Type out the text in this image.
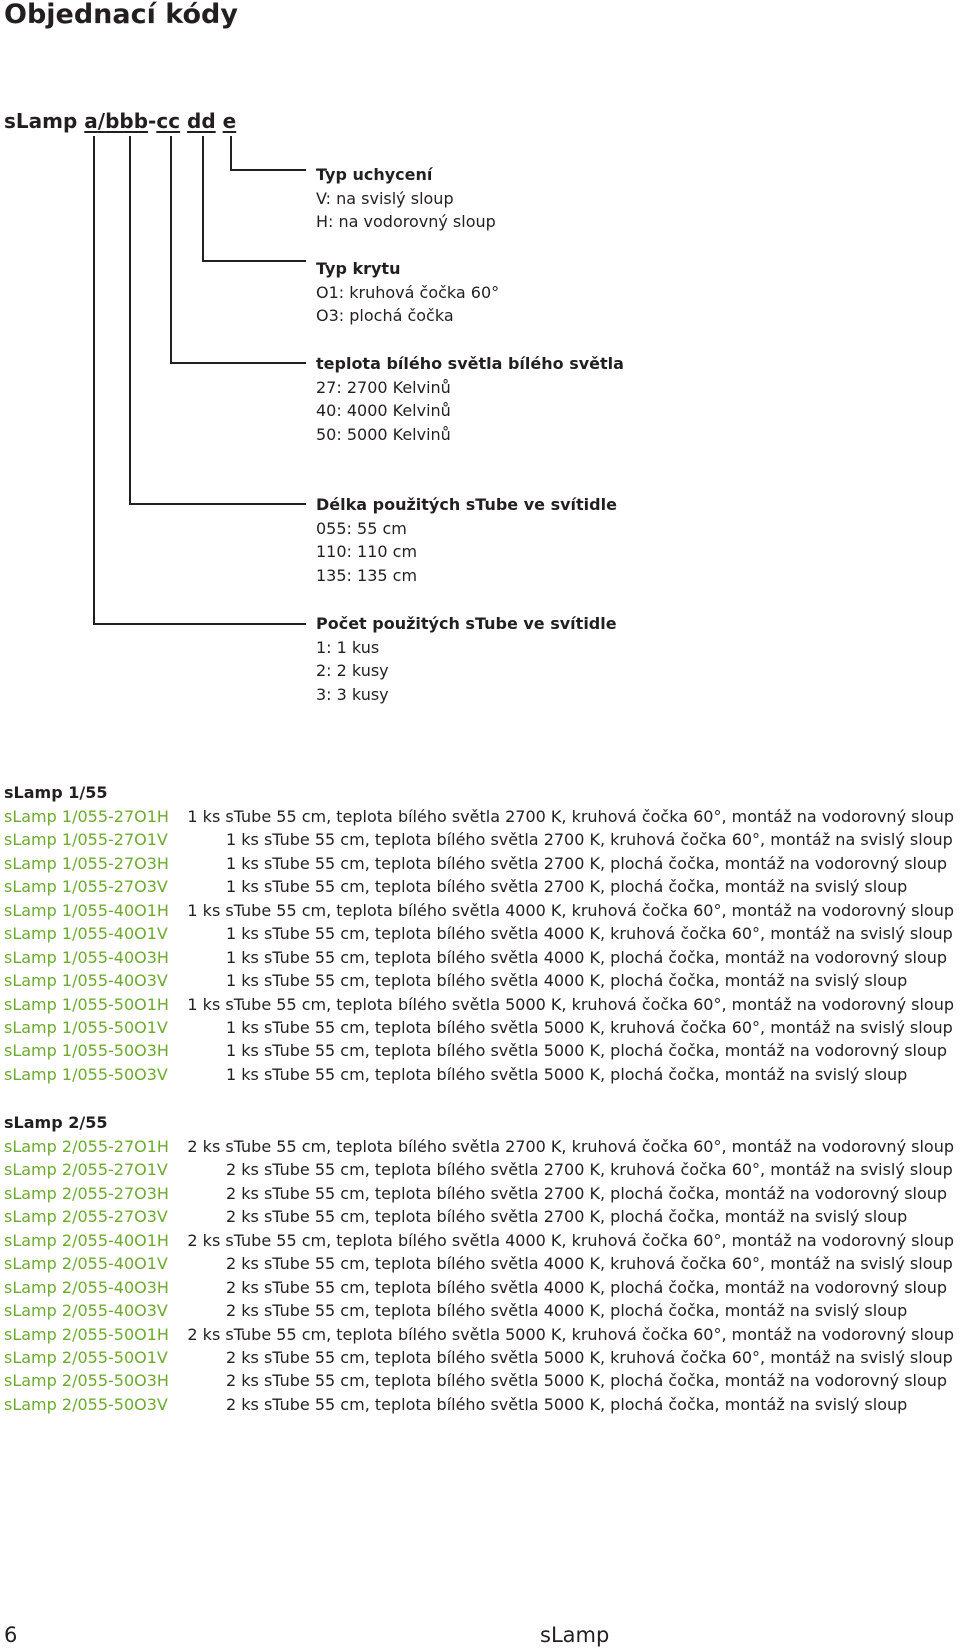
Objednací kódy
sLamp a/bbb-cc dd e
Typ uchycení
V: na svislý sloup
H: na vodorovný sloup
Typ krytu
O1: kruhová čočka 60°
O3: plochá čočka
teplota bílého světla bílého světla
27: 2700 Kelvinů
40: 4000 Kelvinů
50: 5000 Kelvinů
Délka použitých sTube ve svítidle
055: 55 cm
110: 110 cm
135: 135 cm
Počet použitých sTube ve svítidle
1: 1 kus
2: 2 kusy
3: 3 kusy
sLamp 1/55
sLamp 1/055-27O1H	1 ks sTube 55 cm, teplota bílého světla 2700 K, kruhová čočka 60°, montáž na vodorovný sloup
sLamp 1/055-27O1V	1 ks sTube 55 cm, teplota bílého světla 2700 K, kruhová čočka 60°, montáž na svislý sloup
sLamp 1/055-27O3H	1 ks sTube 55 cm, teplota bílého světla 2700 K, plochá čočka, montáž na vodorovný sloup
sLamp 1/055-27O3V	1 ks sTube 55 cm, teplota bílého světla 2700 K, plochá čočka, montáž na svislý sloup
sLamp 1/055-40O1H	1 ks sTube 55 cm, teplota bílého světla 4000 K, kruhová čočka 60°, montáž na vodorovný sloup
sLamp 1/055-40O1V	1 ks sTube 55 cm, teplota bílého světla 4000 K, kruhová čočka 60°, montáž na svislý sloup
sLamp 1/055-40O3H	1 ks sTube 55 cm, teplota bílého světla 4000 K, plochá čočka, montáž na vodorovný sloup
sLamp 1/055-40O3V	1 ks sTube 55 cm, teplota bílého světla 4000 K, plochá čočka, montáž na svislý sloup
sLamp 1/055-50O1H	1 ks sTube 55 cm, teplota bílého světla 5000 K, kruhová čočka 60°, montáž na vodorovný sloup
sLamp 1/055-50O1V	1 ks sTube 55 cm, teplota bílého světla 5000 K, kruhová čočka 60°, montáž na svislý sloup
sLamp 1/055-50O3H	1 ks sTube 55 cm, teplota bílého světla 5000 K, plochá čočka, montáž na vodorovný sloup
sLamp 1/055-50O3V	1 ks sTube 55 cm, teplota bílého světla 5000 K, plochá čočka, montáž na svislý sloup
sLamp 2/55
sLamp 2/055-27O1H	2 ks sTube 55 cm, teplota bílého světla 2700 K, kruhová čočka 60°, montáž na vodorovný sloup
sLamp 2/055-27O1V	2 ks sTube 55 cm, teplota bílého světla 2700 K, kruhová čočka 60°, montáž na svislý sloup
sLamp 2/055-27O3H	2 ks sTube 55 cm, teplota bílého světla 2700 K, plochá čočka, montáž na vodorovný sloup
sLamp 2/055-27O3V	2 ks sTube 55 cm, teplota bílého světla 2700 K, plochá čočka, montáž na svislý sloup
sLamp 2/055-40O1H	2 ks sTube 55 cm, teplota bílého světla 4000 K, kruhová čočka 60°, montáž na vodorovný sloup
sLamp 2/055-40O1V	2 ks sTube 55 cm, teplota bílého světla 4000 K, kruhová čočka 60°, montáž na svislý sloup
sLamp 2/055-40O3H	2 ks sTube 55 cm, teplota bílého světla 4000 K, plochá čočka, montáž na vodorovný sloup
sLamp 2/055-40O3V	2 ks sTube 55 cm, teplota bílého světla 4000 K, plochá čočka, montáž na svislý sloup
sLamp 2/055-50O1H	2 ks sTube 55 cm, teplota bílého světla 5000 K, kruhová čočka 60°, montáž na vodorovný sloup
sLamp 2/055-50O1V	2 ks sTube 55 cm, teplota bílého světla 5000 K, kruhová čočka 60°, montáž na svislý sloup
sLamp 2/055-50O3H	2 ks sTube 55 cm, teplota bílého světla 5000 K, plochá čočka, montáž na vodorovný sloup
sLamp 2/055-50O3V	2 ks sTube 55 cm, teplota bílého světla 5000 K, plochá čočka, montáž na svislý sloup
6	sLamp
